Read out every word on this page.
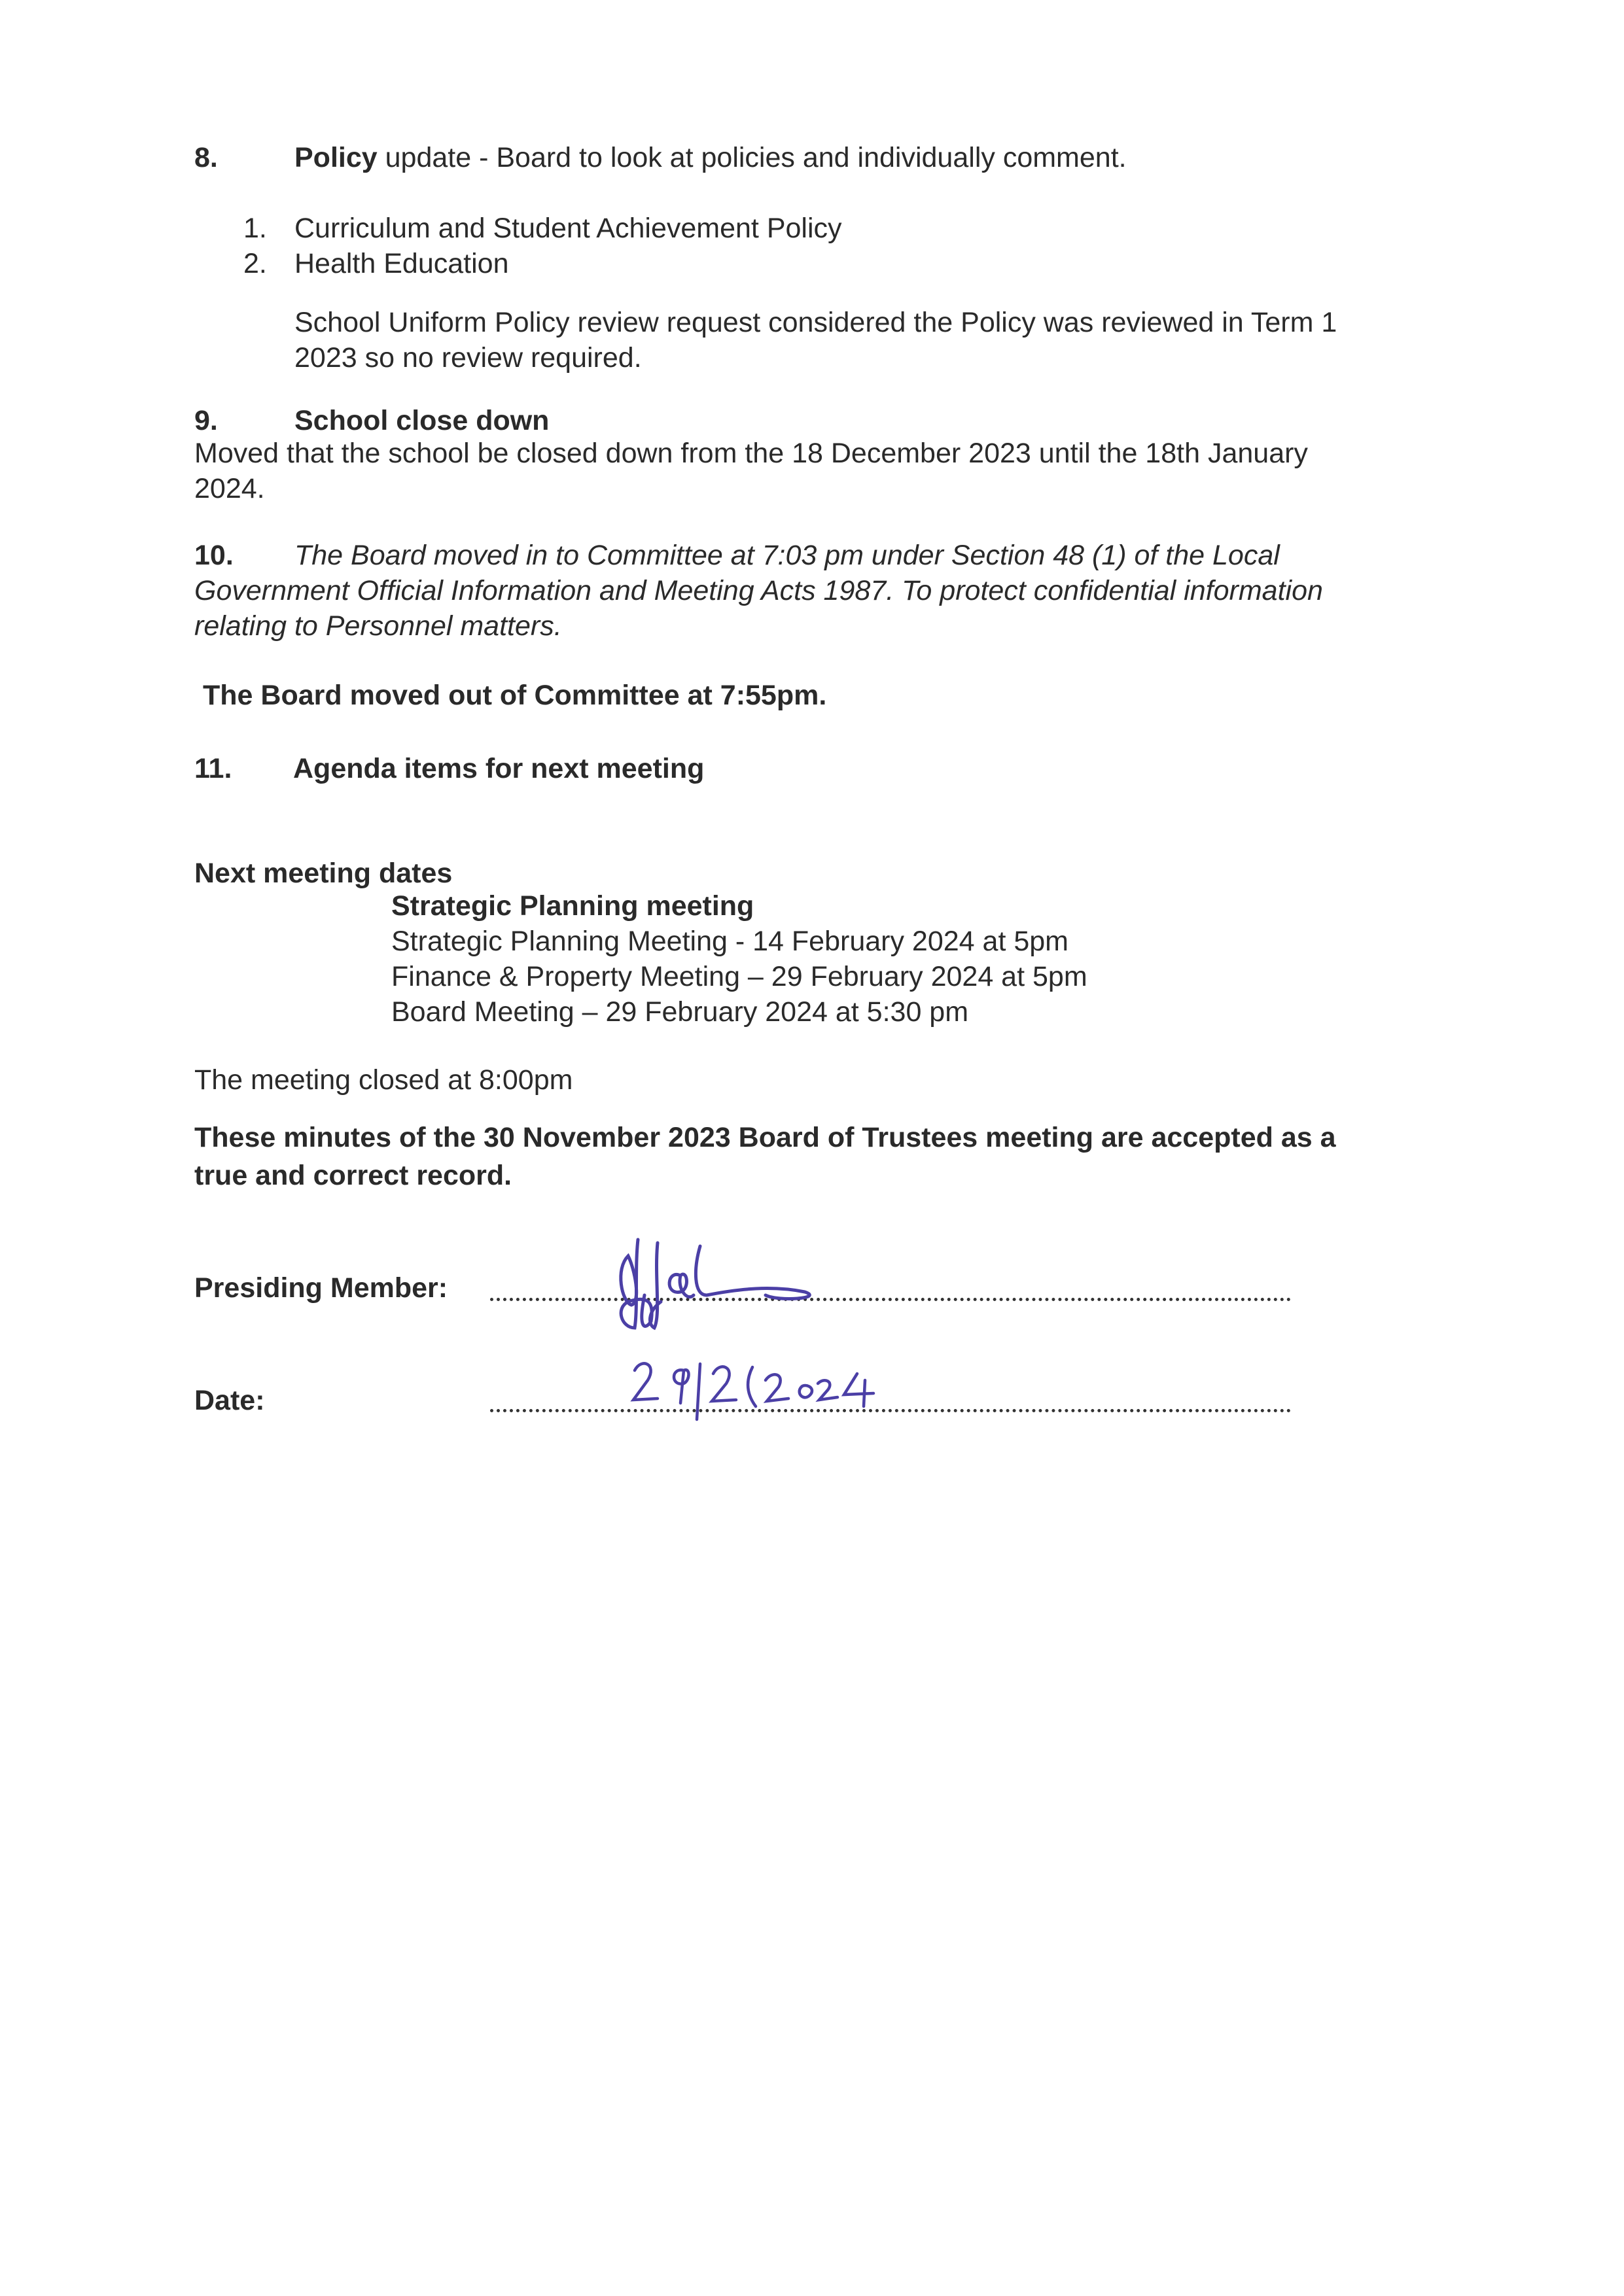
8.	Policy update - Board to look at policies and individually comment.
1. Curriculum and Student Achievement Policy
2. Health Education
School Uniform Policy review request considered the Policy was reviewed in Term 1
2023 so no review required.
9.	School close down
Moved that the school be closed down from the 18 December 2023 until the 18th January
2024.
10. The Board moved in to Committee at 7:03 pm under Section 48 (1) of the Local
Government Official Information and Meeting Acts 1987. To protect confidential information
relating to Personnel matters.
The Board moved out of Committee at 7:55pm.
11. Agenda items for next meeting
Next meeting dates
Strategic Planning meeting
Strategic Planning Meeting - 14 February 2024 at 5pm
Finance & Property Meeting – 29 February 2024 at 5pm
Board Meeting – 29 February 2024 at 5:30 pm
The meeting closed at 8:00pm
These minutes of the 30 November 2023 Board of Trustees meeting are accepted as a
true and correct record.
Presiding Member:
Date:
